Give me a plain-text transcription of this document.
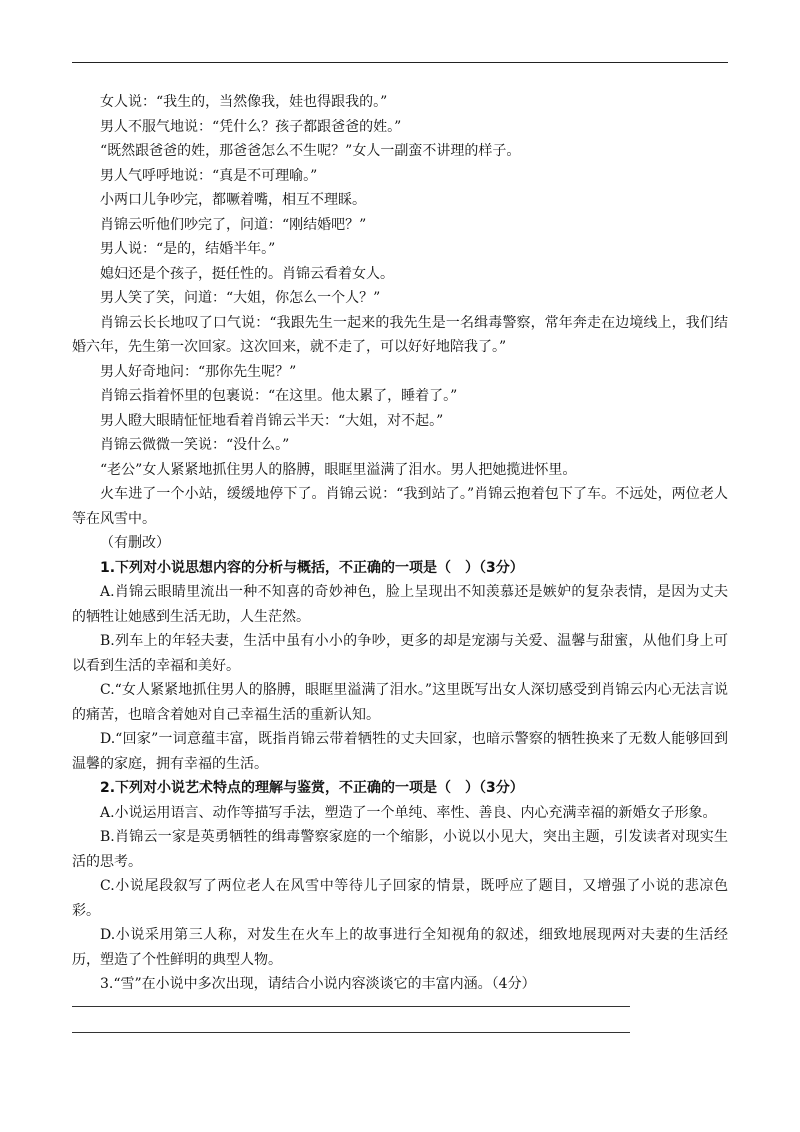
女人说：“我生的，当然像我，娃也得跟我的。”

男人不服气地说：“凭什么？孩子都跟爸爸的姓。”

“既然跟爸爸的姓，那爸爸怎么不生呢？”女人一副蛮不讲理的样子。

男人气呼呼地说：“真是不可理喻。”

小两口儿争吵完，都噘着嘴，相互不理睬。

肖锦云听他们吵完了，问道：“刚结婚吧？”

男人说：“是的，结婚半年。”

媳妇还是个孩子，挺任性的。肖锦云看着女人。

男人笑了笑，问道：“大姐，你怎么一个人？”

肖锦云长长地叹了口气说：“我跟先生一起来的我先生是一名缉毒警察，常年奔走在边境线上，我们结婚六年，先生第一次回家。这次回来，就不走了，可以好好地陪我了。”

男人好奇地问：“那你先生呢？”

肖锦云指着怀里的包裹说：“在这里。他太累了，睡着了。”

男人瞪大眼睛怔怔地看着肖锦云半天：“大姐，对不起。”

肖锦云微微一笑说：“没什么。”

“老公”女人紧紧地抓住男人的胳膊，眼眶里溢满了泪水。男人把她揽进怀里。

火车进了一个小站，缓缓地停下了。肖锦云说：“我到站了。”肖锦云抱着包下了车。不远处，两位老人等在风雪中。

（有删改）

1.下列对小说思想内容的分析与概括，不正确的一项是（　）（3分）

A.肖锦云眼睛里流出一种不知喜的奇妙神色，脸上呈现出不知羡慕还是嫉妒的复杂表情，是因为丈夫的牺牲让她感到生活无助，人生茫然。

B.列车上的年轻夫妻，生活中虽有小小的争吵，更多的却是宠溺与关爱、温馨与甜蜜，从他们身上可以看到生活的幸福和美好。

C.“女人紧紧地抓住男人的胳膊，眼眶里溢满了泪水。”这里既写出女人深切感受到肖锦云内心无法言说的痛苦，也暗含着她对自己幸福生活的重新认知。

D.“回家”一词意蕴丰富，既指肖锦云带着牺牲的丈夫回家，也暗示警察的牺牲换来了无数人能够回到温馨的家庭，拥有幸福的生活。

2.下列对小说艺术特点的理解与鉴赏，不正确的一项是（　）（3分）

A.小说运用语言、动作等描写手法，塑造了一个单纯、率性、善良、内心充满幸福的新婚女子形象。

B.肖锦云一家是英勇牺牲的缉毒警察家庭的一个缩影，小说以小见大，突出主题，引发读者对现实生活的思考。

C.小说尾段叙写了两位老人在风雪中等待儿子回家的情景，既呼应了题目，又增强了小说的悲凉色彩。

D.小说采用第三人称，对发生在火车上的故事进行全知视角的叙述，细致地展现两对夫妻的生活经历，塑造了个性鲜明的典型人物。

3.“雪”在小说中多次出现，请结合小说内容淡谈它的丰富内涵。（4分）
